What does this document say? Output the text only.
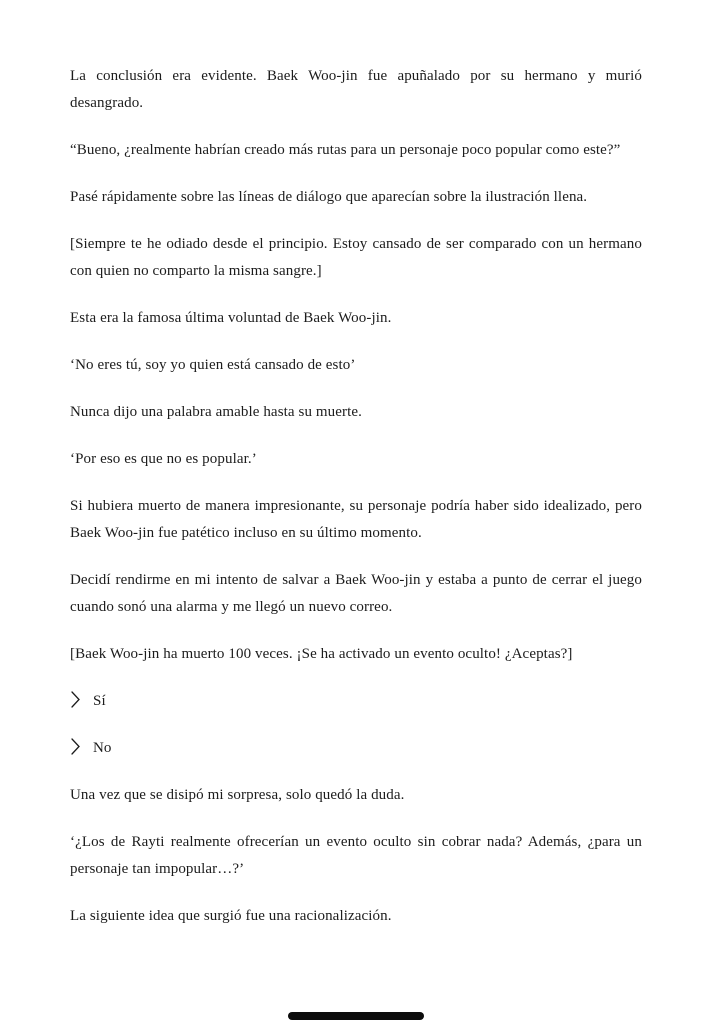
La conclusión era evidente. Baek Woo-jin fue apuñalado por su hermano y murió desangrado.

“Bueno, ¿realmente habrían creado más rutas para un personaje poco popular como este?”

Pasé rápidamente sobre las líneas de diálogo que aparecían sobre la ilustración llena.

[Siempre te he odiado desde el principio. Estoy cansado de ser comparado con un hermano con quien no comparto la misma sangre.]

Esta era la famosa última voluntad de Baek Woo-jin.

‘No eres tú, soy yo quien está cansado de esto’

Nunca dijo una palabra amable hasta su muerte.

‘Por eso es que no es popular.’

Si hubiera muerto de manera impresionante, su personaje podría haber sido idealizado, pero Baek Woo-jin fue patético incluso en su último momento.

Decidí rendirme en mi intento de salvar a Baek Woo-jin y estaba a punto de cerrar el juego cuando sonó una alarma y me llegó un nuevo correo.

[Baek Woo-jin ha muerto 100 veces. ¡Se ha activado un evento oculto! ¿Aceptas?]

Sí

No

Una vez que se disipó mi sorpresa, solo quedó la duda.

‘¿Los de Rayti realmente ofrecerían un evento oculto sin cobrar nada? Además, ¿para un personaje tan impopular…?’

La siguiente idea que surgió fue una racionalización.
